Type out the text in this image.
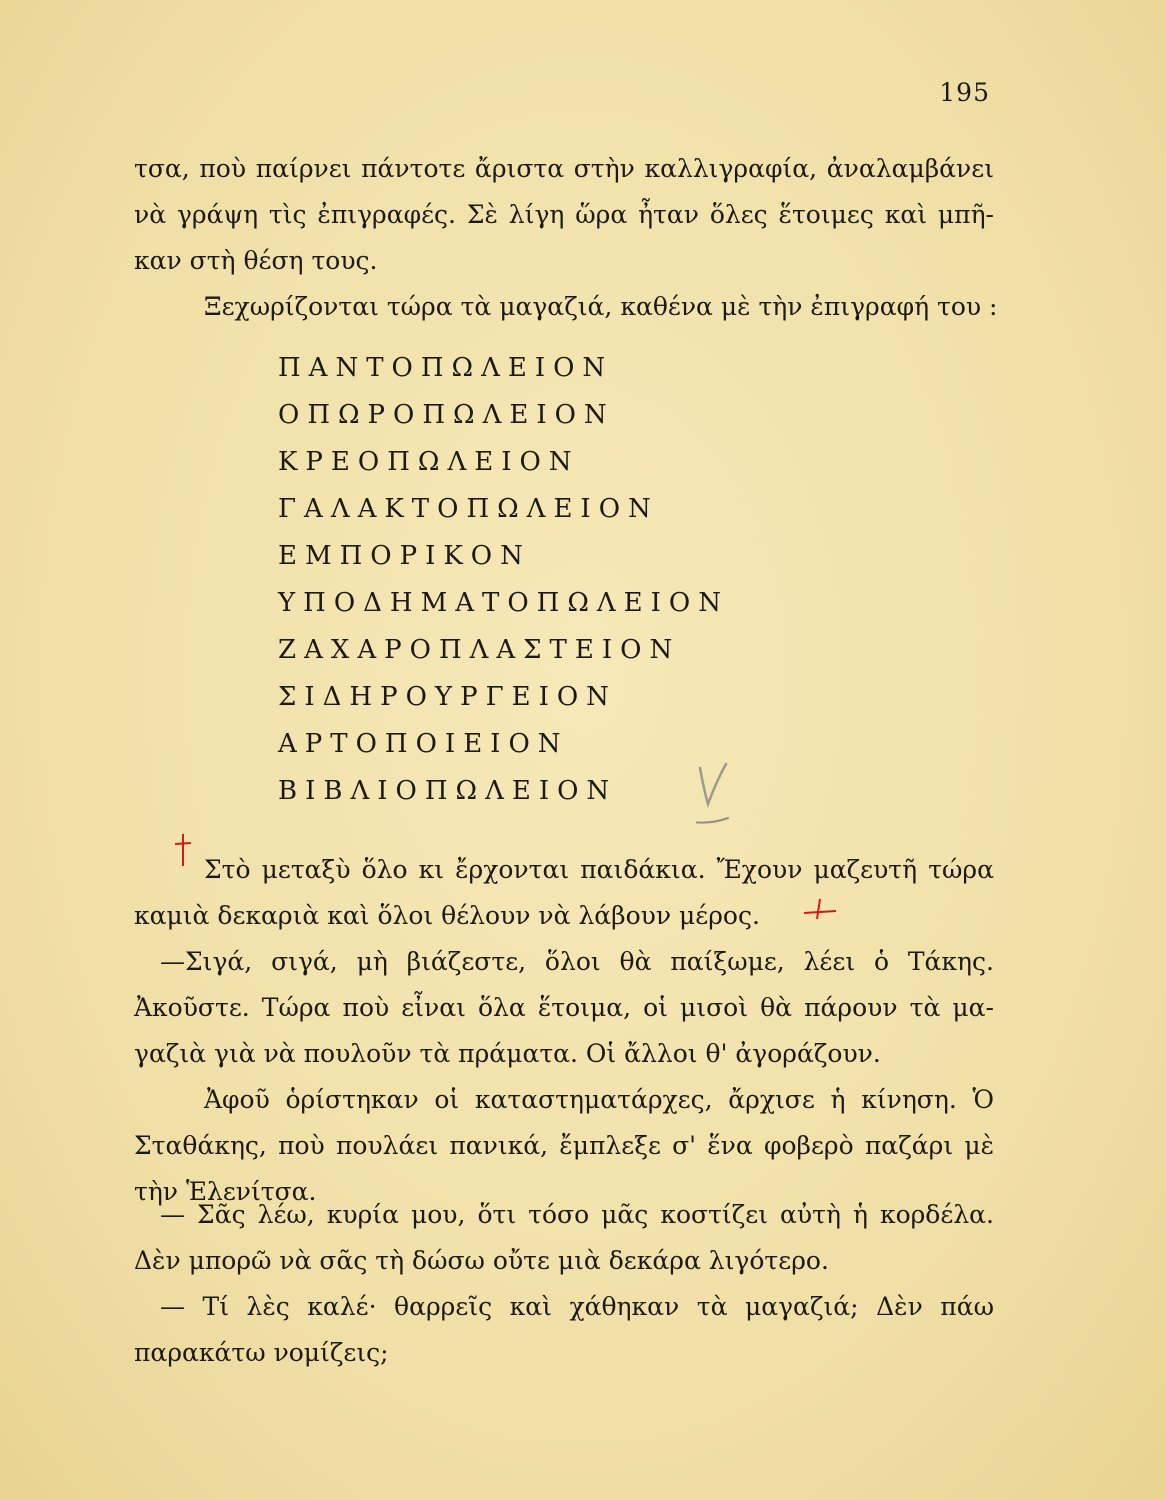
195
τσα, ποὺ παίρνει πάντοτε ἄριστα στὴν καλλιγραφία, ἀναλαμβάνει
νὰ γράψη τὶς ἐπιγραφές. Σὲ λίγη ὥρα ἦταν ὅλες ἕτοιμες καὶ μπῆ-
καν στὴ θέση τους.
Ξεχωρίζονται τώρα τὰ μαγαζιά, καθένα μὲ τὴν ἐπιγραφή του :
ΠΑΝΤΟΠΩΛΕΙΟΝ
ΟΠΩΡΟΠΩΛΕΙΟΝ
ΚΡΕΟΠΩΛΕΙΟΝ
ΓΑΛΑΚΤΟΠΩΛΕΙΟΝ
ΕΜΠΟΡΙΚΟΝ
ΥΠΟΔΗΜΑΤΟΠΩΛΕΙΟΝ
ΖΑΧΑΡΟΠΛΑΣΤΕΙΟΝ
ΣΙΔΗΡΟΥΡΓΕΙΟΝ
ΑΡΤΟΠΟΙΕΙΟΝ
ΒΙΒΛΙΟΠΩΛΕΙΟΝ
Στὸ μεταξὺ ὅλο κι ἔρχονται παιδάκια. Ἔχουν μαζευτῆ τώρα
καμιὰ δεκαριὰ καὶ ὅλοι θέλουν νὰ λάβουν μέρος.
—Σιγά, σιγά, μὴ βιάζεστε, ὅλοι θὰ παίξωμε, λέει ὁ Τάκης.
Ἀκοῦστε. Τώρα ποὺ εἶναι ὅλα ἕτοιμα, οἱ μισοὶ θὰ πάρουν τὰ μα-
γαζιὰ γιὰ νὰ πουλοῦν τὰ πράματα. Οἱ ἄλλοι θ' ἀγοράζουν.
Ἀφοῦ ὁρίστηκαν οἱ καταστηματάρχες, ἄρχισε ἡ κίνηση. Ὁ
Σταθάκης, ποὺ πουλάει πανικά, ἔμπλεξε σ' ἕνα φοβερὸ παζάρι μὲ
τὴν Ἑλενίτσα.
— Σᾶς λέω, κυρία μου, ὅτι τόσο μᾶς κοστίζει αὐτὴ ἡ κορδέλα.
Δὲν μπορῶ νὰ σᾶς τὴ δώσω οὔτε μιὰ δεκάρα λιγότερο.
— Τί λὲς καλέ· θαρρεῖς καὶ χάθηκαν τὰ μαγαζιά; Δὲν πάω
παρακάτω νομίζεις;
